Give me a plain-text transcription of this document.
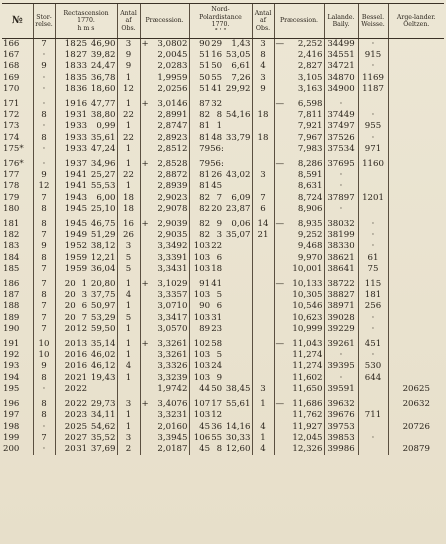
№	Stor-relse.	Rectascension 1770.
h m s	Antal af Obs.	Præcession.	Nord-Polardistance 1770.
° ' "	Antal af Obs.	Præcession.	Lalande. Baily.	Bessel. Weisse.	Arge-lander. Oeltzen.
166	7	1825 46,90	3	+ 3,0802	9029 1,43	3	— 2,252	34499	·	
167	·	1827 39,82	9	2,0045	5116 53,05	8	2,416	34551	915	
168	9	1833 24,47	9	2,0283	5150 6,61	4	2,827	34721	·	
169	·	1835 36,78	1	1,9959	5055 7,26	3	3,105	34870	1169	
170	·	1836 18,60	12	2,0256	5141 29,92	9	3,163	34900	1187	
171	·	1916 47,77	1	+ 3,0146	8732		— 6,598	·		
172	8	1931 38,80	22	2,8991	82 8 54,16	18	7,811	37449	·	
173	·	1933 0,99	1	2,8747	81 1		7,921	37497	955	
174	8	1933 35,61	22	2,8923	8148 33,79	18	7,967	37526	·	
175*	·	1933 47,24	1	2,8512	7956:		7,983	37534	971	
176*	·	1937 34,96	1	+ 2,8528	7956:		— 8,286	37695	1160	
177	9	1941 25,27	22	2,8872	8126 43,02	3	8,591	·		
178	12	1941 55,53	1	2,8939	8145		8,631	·		
179	7	1943 6,00	18	2,9023	82 7 6,09	7	8,724	37897	1201	
180	8	1945 25,10	18	2,9078	8220 23,87	6	8,906	·		
181	8	1945 46,75	16	+ 2,9039	82 9 0,06	14	— 8,935	38032	·	
182	7	1949 51,29	26	2,9035	82 3 35,07	21	9,252	38199	·	
183	9	1952 38,12	3	3,3492	10322		9,468	38330	·	
184	8	1959 12,21	5	3,3391	103 6		9,970	38621	61	
185	7	1959 36,04	5	3,3431	10318		10,001	38641	75	
186	7	20 1 20,80	1	+ 3,1029	9141		— 10,133	38722	115	
187	8	20 3 37,75	4	3,3357	103 5		10,305	38827	181	
188	7	20 6 50,97	1	3,0710	90 6		10,546	38971	256	
189	7	20 7 53,29	5	3,3417	10331		10,623	39028	·	
190	7	2012 59,50	1	3,0570	8923		10,999	39229	·	
191	10	2013 35,14	1	+ 3,3261	10258		— 11,043	39261	451	
192	10	2016 46,02	1	3,3261	103 5		11,274	·	·	
193	9	2016 46,12	4	3,3326	10324		11,274	39395	530	
194	8	2021 19,43	1	3,3239	103 9		11,602	·	644	
195	·	2022		1,9742	4450 38,45	3	11,650	39591		20625
196	8	2022 29,73	3	+ 3,4076	10717 55,61	1	— 11,686	39632		20632
197	8	2023 34,11	1	3,3231	10312		11,762	39676	711	
198	·	2025 54,62	1	2,0160	4536 14,16	4	11,927	39753		20726
199	7	2027 35,52	3	3,3945	10655 30,33	1	12,045	39853	·	
200	·	2031 37,69	2	2,0187	45 8 12,60	4	12,326	39986		20879
